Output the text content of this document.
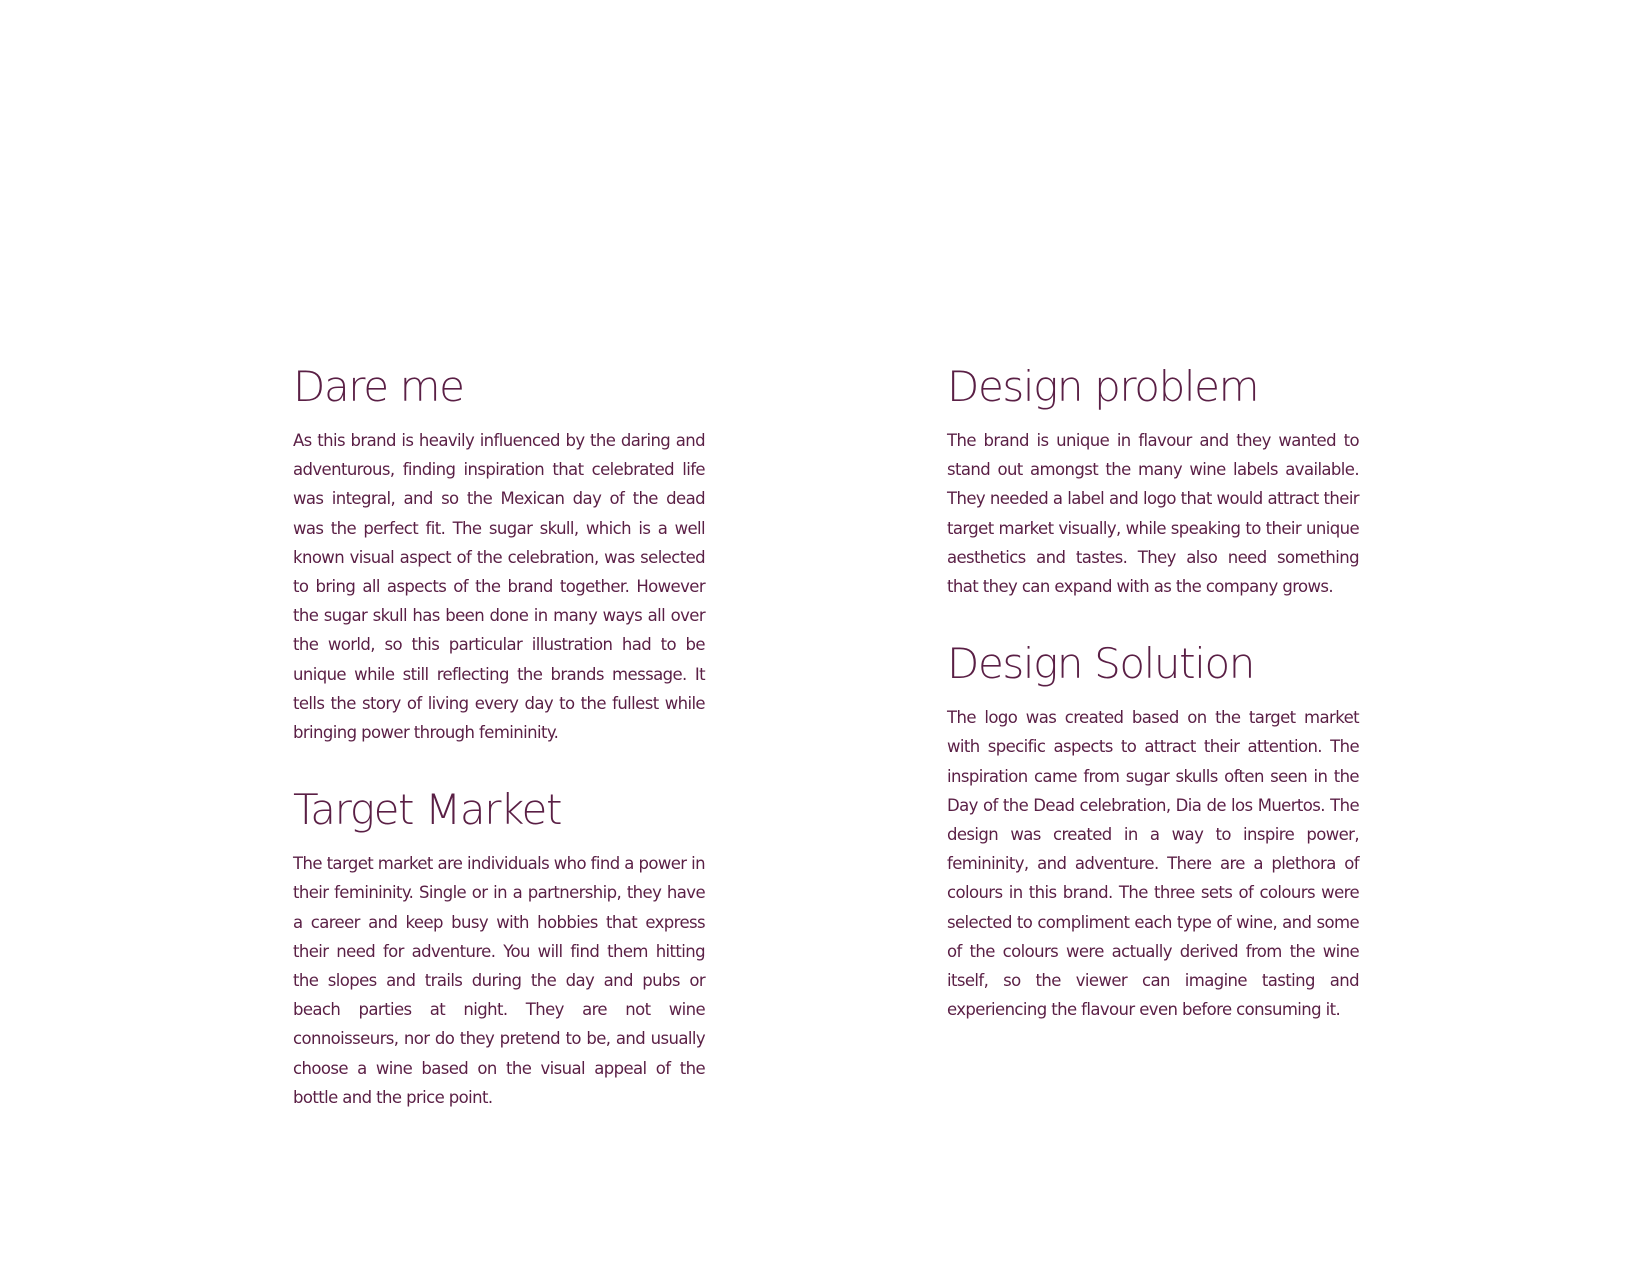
Dare me

As this brand is heavily influenced by the daring and adventurous, finding inspiration that celebrated life was integral, and so the Mexican day of the dead was the perfect fit. The sugar skull, which is a well known visual aspect of the celebration, was selected to bring all aspects of the brand together. However the sugar skull has been done in many ways all over the world, so this particular illustration had to be unique while still reflecting the brands message. It tells the story of living every day to the fullest while bringing power through femininity.

Target Market

The target market are individuals who find a power in their femininity. Single or in a partnership, they have a career and keep busy with hobbies that express their need for adventure. You will find them hitting the slopes and trails during the day and pubs or beach parties at night. They are not wine connoisseurs, nor do they pretend to be, and usually choose a wine based on the visual appeal of the bottle and the price point.

Design problem

The brand is unique in flavour and they wanted to stand out amongst the many wine labels available. They needed a label and logo that would attract their target market visually, while speaking to their unique aesthetics and tastes. They also need something that they can expand with as the company grows.

Design Solution

The logo was created based on the target market with specific aspects to attract their attention. The inspiration came from sugar skulls often seen in the Day of the Dead celebration, Dia de los Muertos. The design was created in a way to inspire power, femininity, and adventure. There are a plethora of colours in this brand. The three sets of colours were selected to compliment each type of wine, and some of the colours were actually derived from the wine itself, so the viewer can imagine tasting and experiencing the flavour even before consuming it.
